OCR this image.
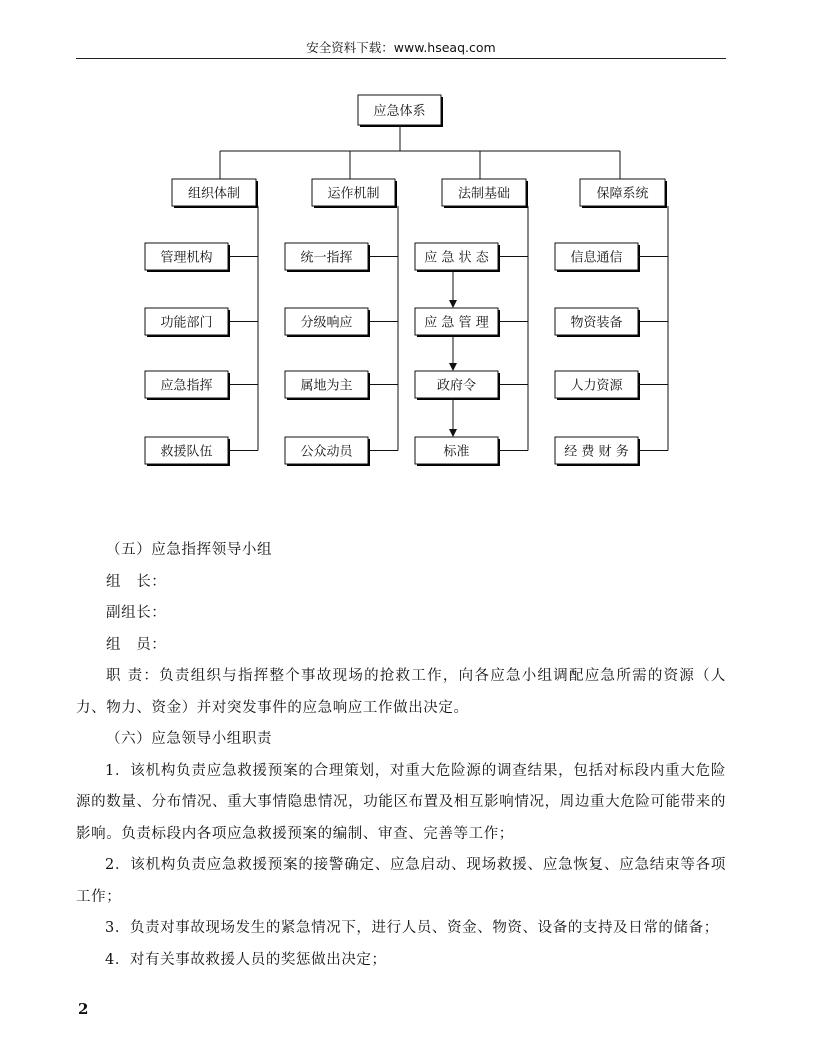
安全资料下载：www.hseaq.com
应急体系
组织体制
管理机构
功能部门
应急指挥
救援队伍
运作机制
统一指挥
分级响应
属地为主
公众动员
法制基础
应 急 状 态
应 急 管 理
政府令
标准
保障系统
信息通信
物资装备
人力资源
经 费 财 务

（五）应急指挥领导小组

组　长：

副组长：

组　员：

职 责：负责组织与指挥整个事故现场的抢救工作，向各应急小组调配应急所需的资源（人力、物力、资金）并对突发事件的应急响应工作做出决定。

（六）应急领导小组职责

1．该机构负责应急救援预案的合理策划，对重大危险源的调查结果，包括对标段内重大危险源的数量、分布情况、重大事情隐患情况，功能区布置及相互影响情况，周边重大危险可能带来的影响。负责标段内各项应急救援预案的编制、审查、完善等工作；

2．该机构负责应急救援预案的接警确定、应急启动、现场救援、应急恢复、应急结束等各项工作；

3．负责对事故现场发生的紧急情况下，进行人员、资金、物资、设备的支持及日常的储备；

4．对有关事故救援人员的奖惩做出决定；

2
